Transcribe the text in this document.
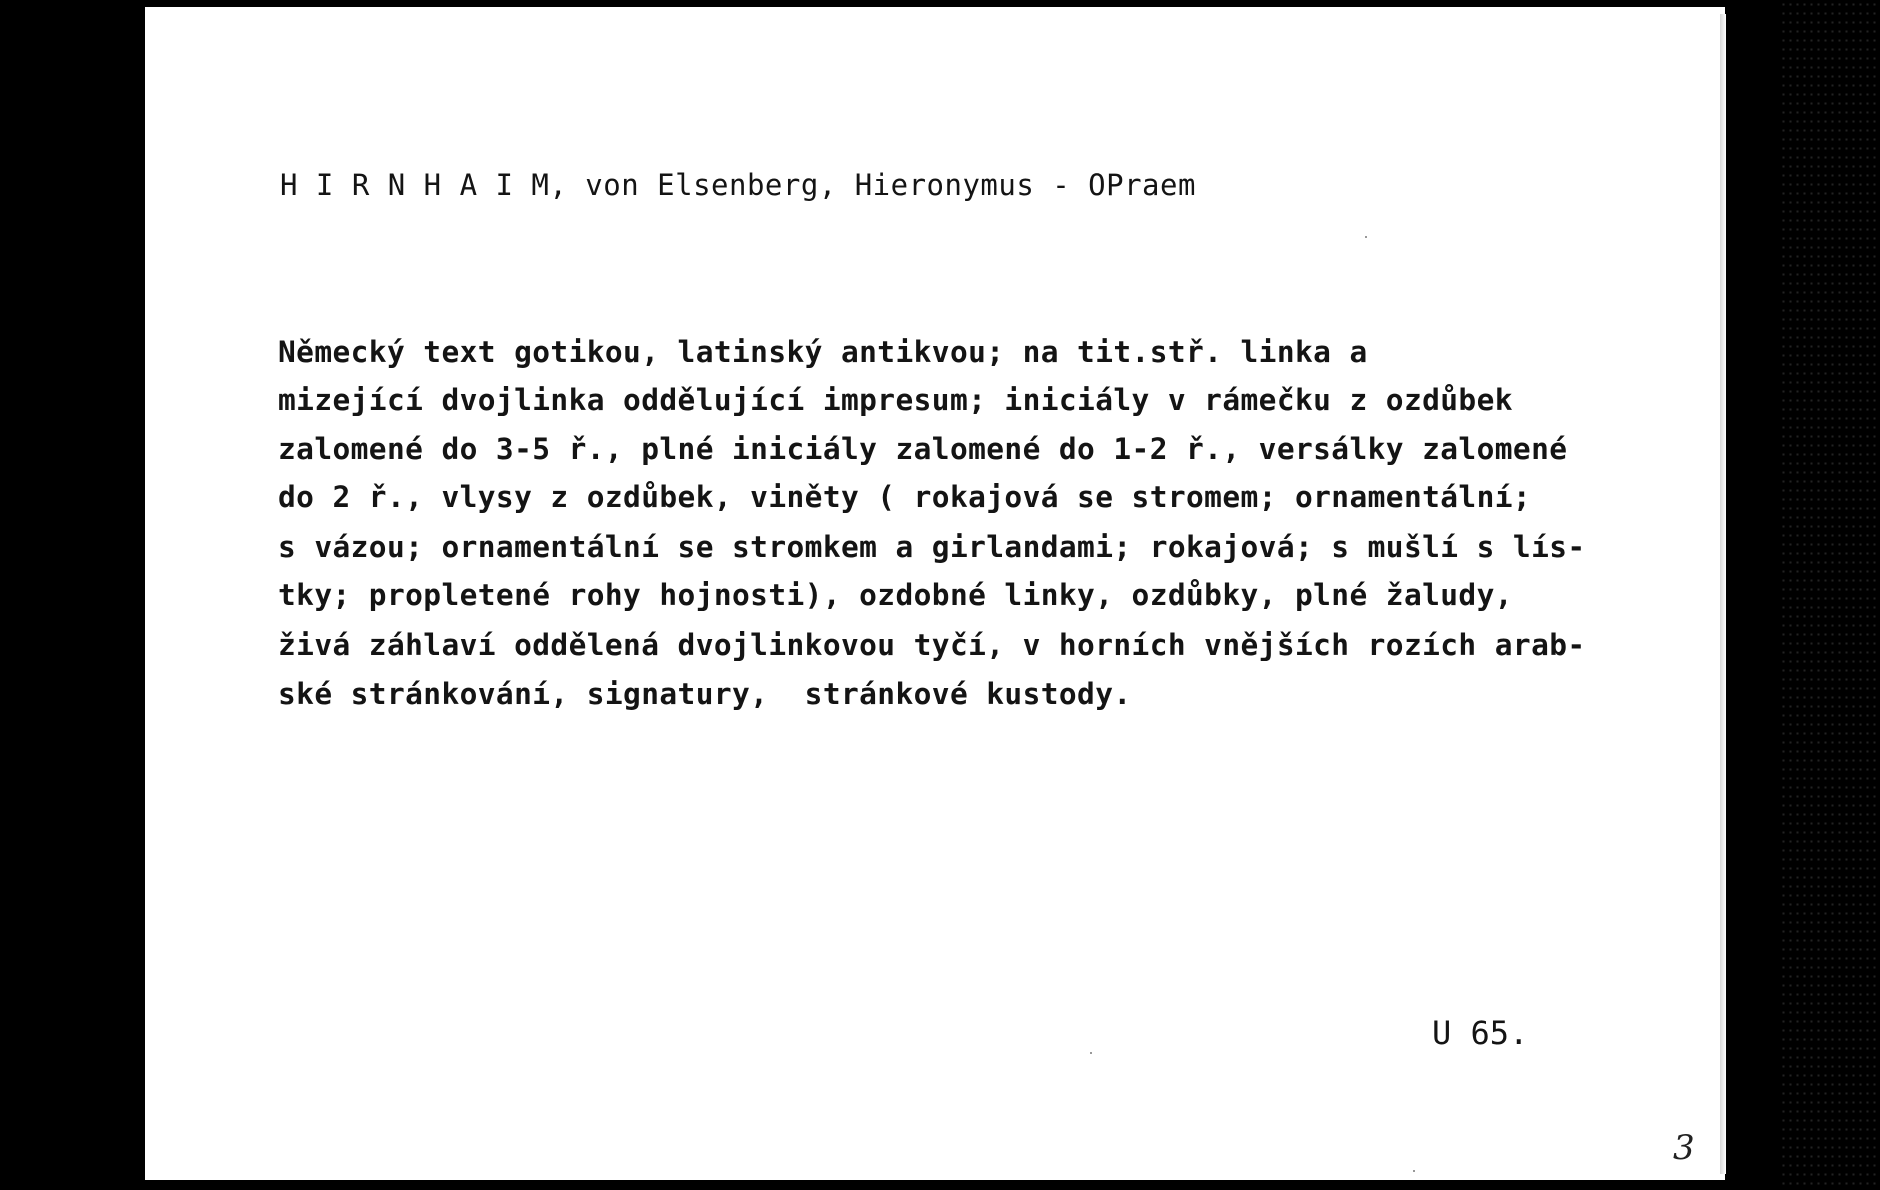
H I R N H A I M, von Elsenberg, Hieronymus - OPraem
Německý text gotikou, latinský antikvou; na tit.stř. linka a
mizející dvojlinka oddělující impresum; iniciály v rámečku z ozdůbek
zalomené do 3-5 ř., plné iniciály zalomené do 1-2 ř., versálky zalomené
do 2 ř., vlysy z ozdůbek, viněty ( rokajová se stromem; ornamentální;
s vázou; ornamentální se stromkem a girlandami; rokajová; s mušlí s lís-
tky; propletené rohy hojnosti), ozdobné linky, ozdůbky, plné žaludy,
živá záhlaví oddělená dvojlinkovou tyčí, v horních vnějších rozích arab-
ské stránkování, signatury,  stránkové kustody.
U 65.
3
